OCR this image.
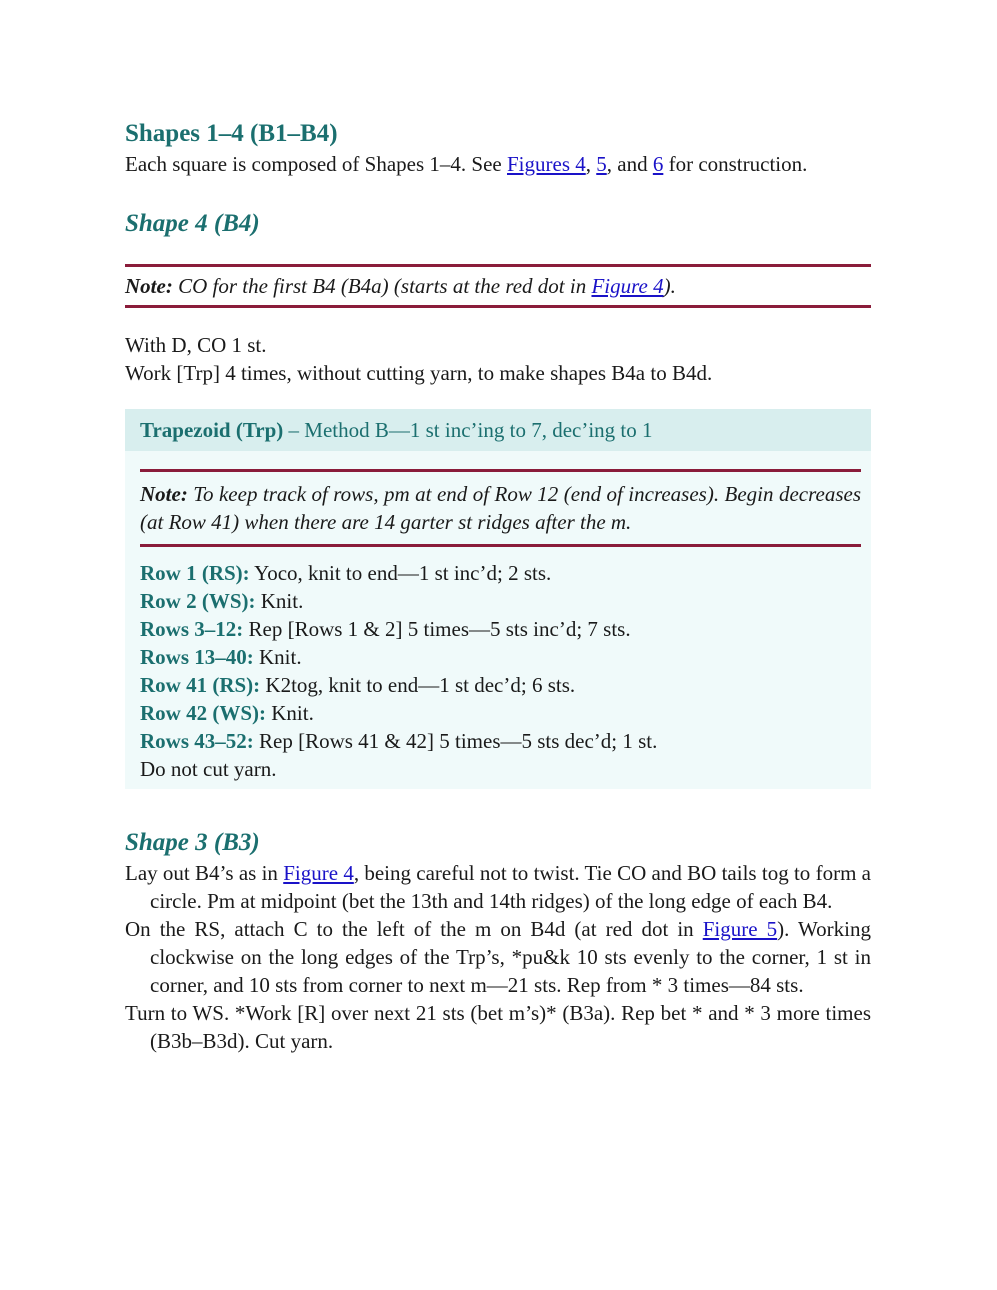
Shapes 1–4 (B1–B4)

Each square is composed of Shapes 1–4. See Figures 4, 5, and 6 for construction.

Shape 4 (B4)
Note: CO for the first B4 (B4a) (starts at the red dot in Figure 4).

With D, CO 1 st.

Work [Trp] 4 times, without cutting yarn, to make shapes B4a to B4d.

Trapezoid (Trp) – Method B—1 st inc’ing to 7, dec’ing to 1
Note: To keep track of rows, pm at end of Row 12 (end of increases). Begin decreases (at Row 41) when there are 14 garter st ridges after the m.
Row 1 (RS): Yoco, knit to end—1 st inc’d; 2 sts.
Row 2 (WS): Knit.
Rows 3–12: Rep [Rows 1 & 2] 5 times—5 sts inc’d; 7 sts.
Rows 13–40: Knit.
Row 41 (RS): K2tog, knit to end—1 st dec’d; 6 sts.
Row 42 (WS): Knit.
Rows 43–52: Rep [Rows 41 & 42] 5 times—5 sts dec’d; 1 st.
Do not cut yarn.
Shape 3 (B3)

Lay out B4’s as in Figure 4, being careful not to twist. Tie CO and BO tails tog to form a circle. Pm at midpoint (bet the 13th and 14th ridges) of the long edge of each B4.

On the RS, attach C to the left of the m on B4d (at red dot in Figure 5). Working clockwise on the long edges of the Trp’s, *pu&k 10 sts evenly to the corner, 1 st in corner, and 10 sts from corner to next m—21 sts. Rep from * 3 times—84 sts.

Turn to WS. *Work [R] over next 21 sts (bet m’s)* (B3a). Rep bet * and * 3 more times (B3b–B3d). Cut yarn.
